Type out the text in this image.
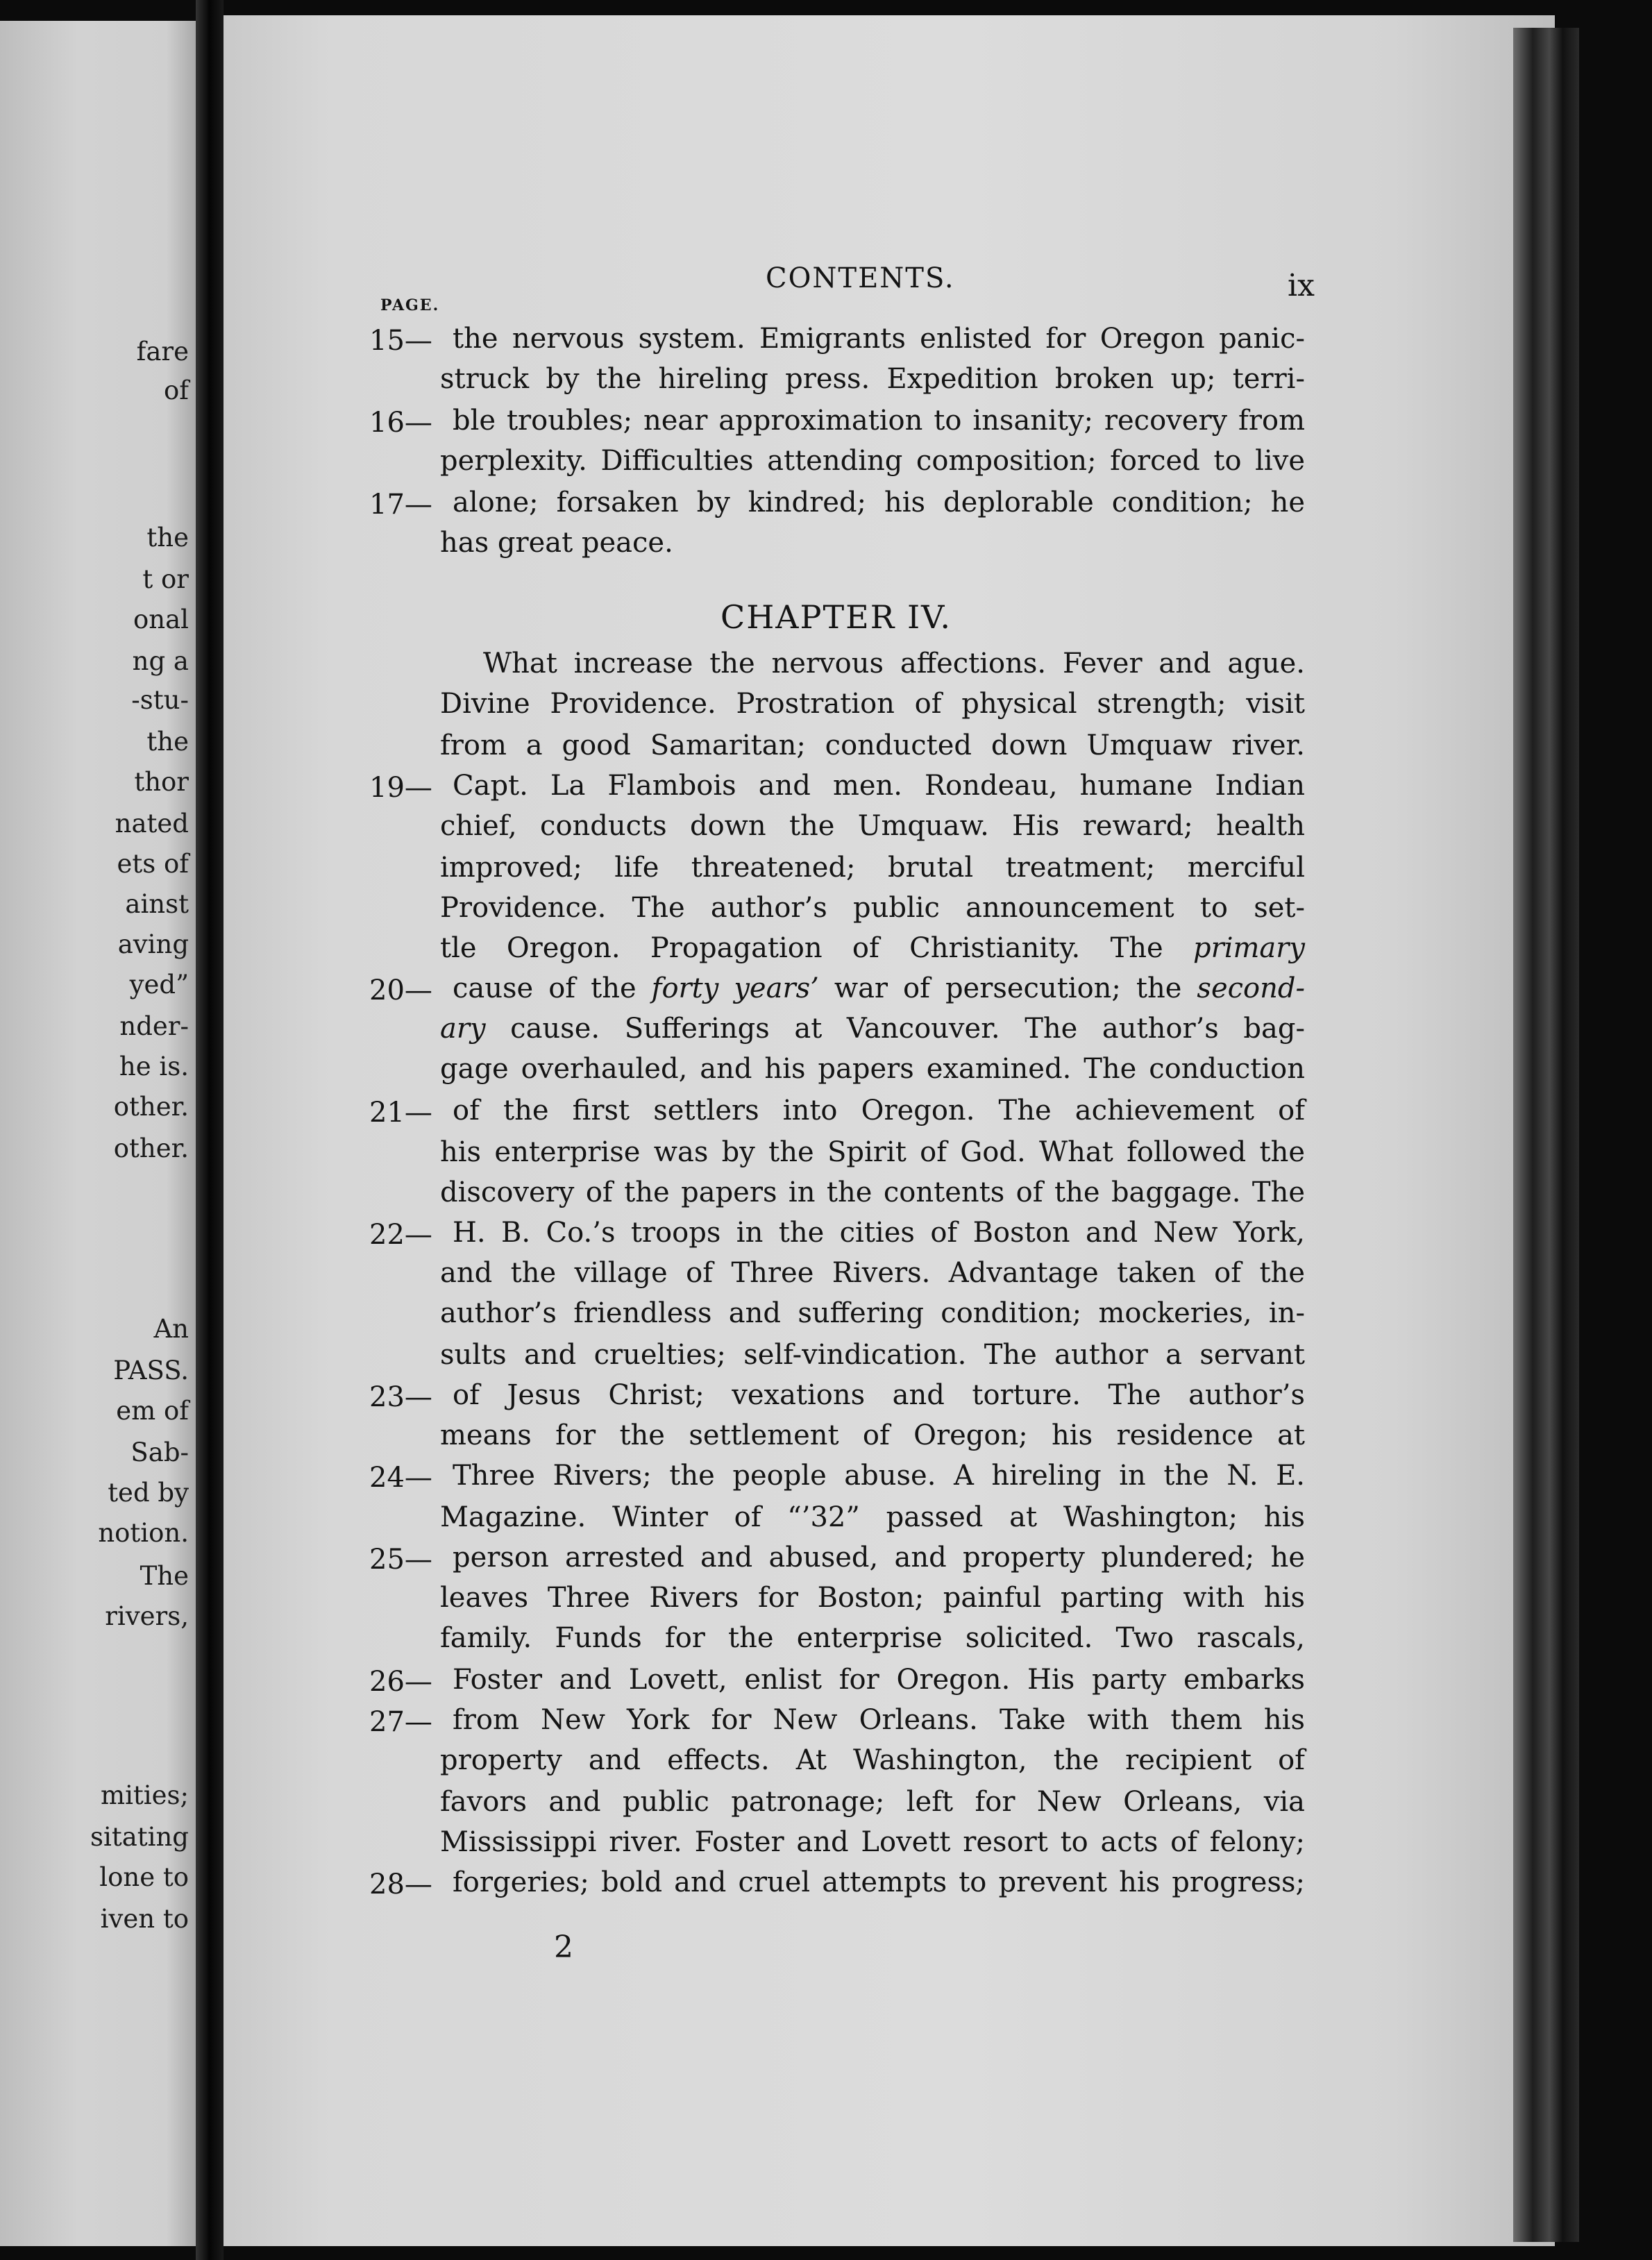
fare
of
the
t or
onal
ng a
-stu-
the
thor
nated
ets of
ainst
aving
yed”
nder-
he is.
other.
other.
An
PASS.
em of
Sab-
ted by
notion.
The
rivers,
mities;
sitating
lone to
iven to
CONTENTS.	ix
PAGE.
CHAPTER IV.
15— the nervous system. Emigrants enlisted for Oregon panic-
struck by the hireling press. Expedition broken up; terri-
16— ble troubles; near approximation to insanity; recovery from
perplexity. Difficulties attending composition; forced to live
17— alone; forsaken by kindred; his deplorable condition; he
has great peace.
What increase the nervous affections. Fever and ague.
Divine Providence. Prostration of physical strength; visit
from a good Samaritan; conducted down Umquaw river.
19— Capt. La Flambois and men. Rondeau, humane Indian
chief, conducts down the Umquaw. His reward; health
improved; life threatened; brutal treatment; merciful
Providence. The author’s public announcement to set-
tle Oregon. Propagation of Christianity. The primary
20— cause of the forty years’ war of persecution; the second-
ary cause. Sufferings at Vancouver. The author’s bag-
gage overhauled, and his papers examined. The conduction
21— of the first settlers into Oregon. The achievement of
his enterprise was by the Spirit of God. What followed the
discovery of the papers in the contents of the baggage. The
22— H. B. Co.’s troops in the cities of Boston and New York,
and the village of Three Rivers. Advantage taken of the
author’s friendless and suffering condition; mockeries, in-
sults and cruelties; self-vindication. The author a servant
23— of Jesus Christ; vexations and torture. The author’s
means for the settlement of Oregon; his residence at
24— Three Rivers; the people abuse. A hireling in the N. E.
Magazine. Winter of “’32” passed at Washington; his
25— person arrested and abused, and property plundered; he
leaves Three Rivers for Boston; painful parting with his
family. Funds for the enterprise solicited. Two rascals,
26— Foster and Lovett, enlist for Oregon. His party embarks
27— from New York for New Orleans. Take with them his
property and effects. At Washington, the recipient of
favors and public patronage; left for New Orleans, via
Mississippi river. Foster and Lovett resort to acts of felony;
28— forgeries; bold and cruel attempts to prevent his progress;
2
